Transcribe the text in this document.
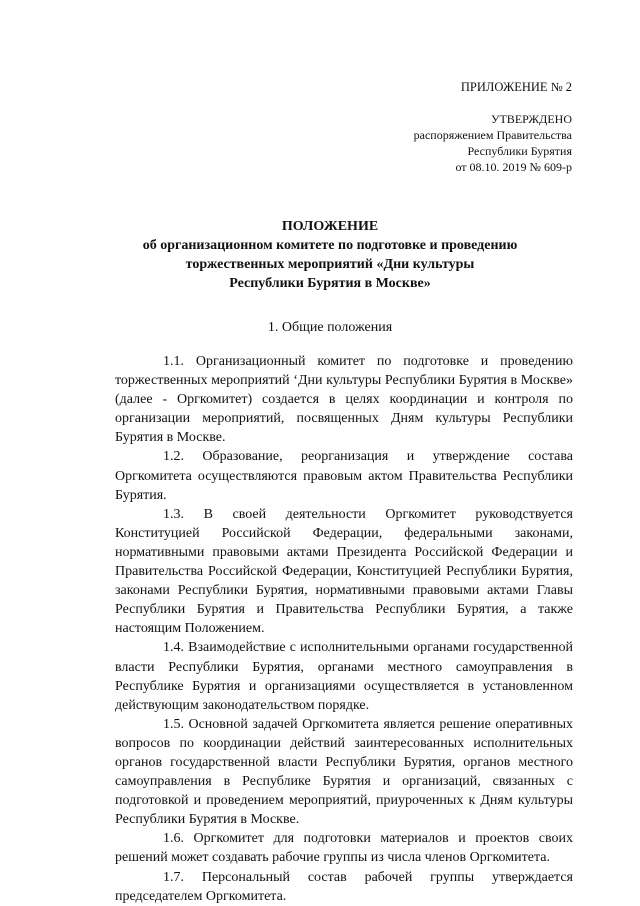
ПРИЛОЖЕНИЕ № 2
УТВЕРЖДЕНО
распоряжением Правительства
Республики Бурятия
от 08.10. 2019 № 609-р
ПОЛОЖЕНИЕ
об организационном комитете по подготовке и проведению
торжественных мероприятий «Дни культуры
Республики Бурятия в Москве»
1. Общие положения

1.1. Организационный комитет по подготовке и проведению торжественных мероприятий ‘Дни культуры Республики Бурятия в Москве» (далее - Оргкомитет) создается в целях координации и контроля по организации мероприятий, посвященных Дням культуры Республики Бурятия в Москве.

1.2. Образование, реорганизация и утверждение состава Оргкомитета осуществляются правовым актом Правительства Республики Бурятия.

1.3. В своей деятельности Оргкомитет руководствуется Конституцией Российской Федерации, федеральными законами, нормативными правовыми актами Президента Российской Федерации и Правительства Российской Федерации, Конституцией Республики Бурятия, законами Республики Бурятия, нормативными правовыми актами Главы Республики Бурятия и Правительства Республики Бурятия, а также настоящим Положением.

1.4. Взаимодействие с исполнительными органами государственной власти Республики Бурятия, органами местного самоуправления в Республике Бурятия и организациями осуществляется в установленном действующим законодательством порядке.

1.5. Основной задачей Оргкомитета является решение оперативных вопросов по координации действий заинтересованных исполнительных органов государственной власти Республики Бурятия, органов местного самоуправления в Республике Бурятия и организаций, связанных с подготовкой и проведением мероприятий, приуроченных к Дням культуры Республики Бурятия в Москве.

1.6. Оргкомитет для подготовки материалов и проектов своих решений может создавать рабочие группы из числа членов Оргкомитета.

1.7. Персональный состав рабочей группы утверждается председателем Оргкомитета.
